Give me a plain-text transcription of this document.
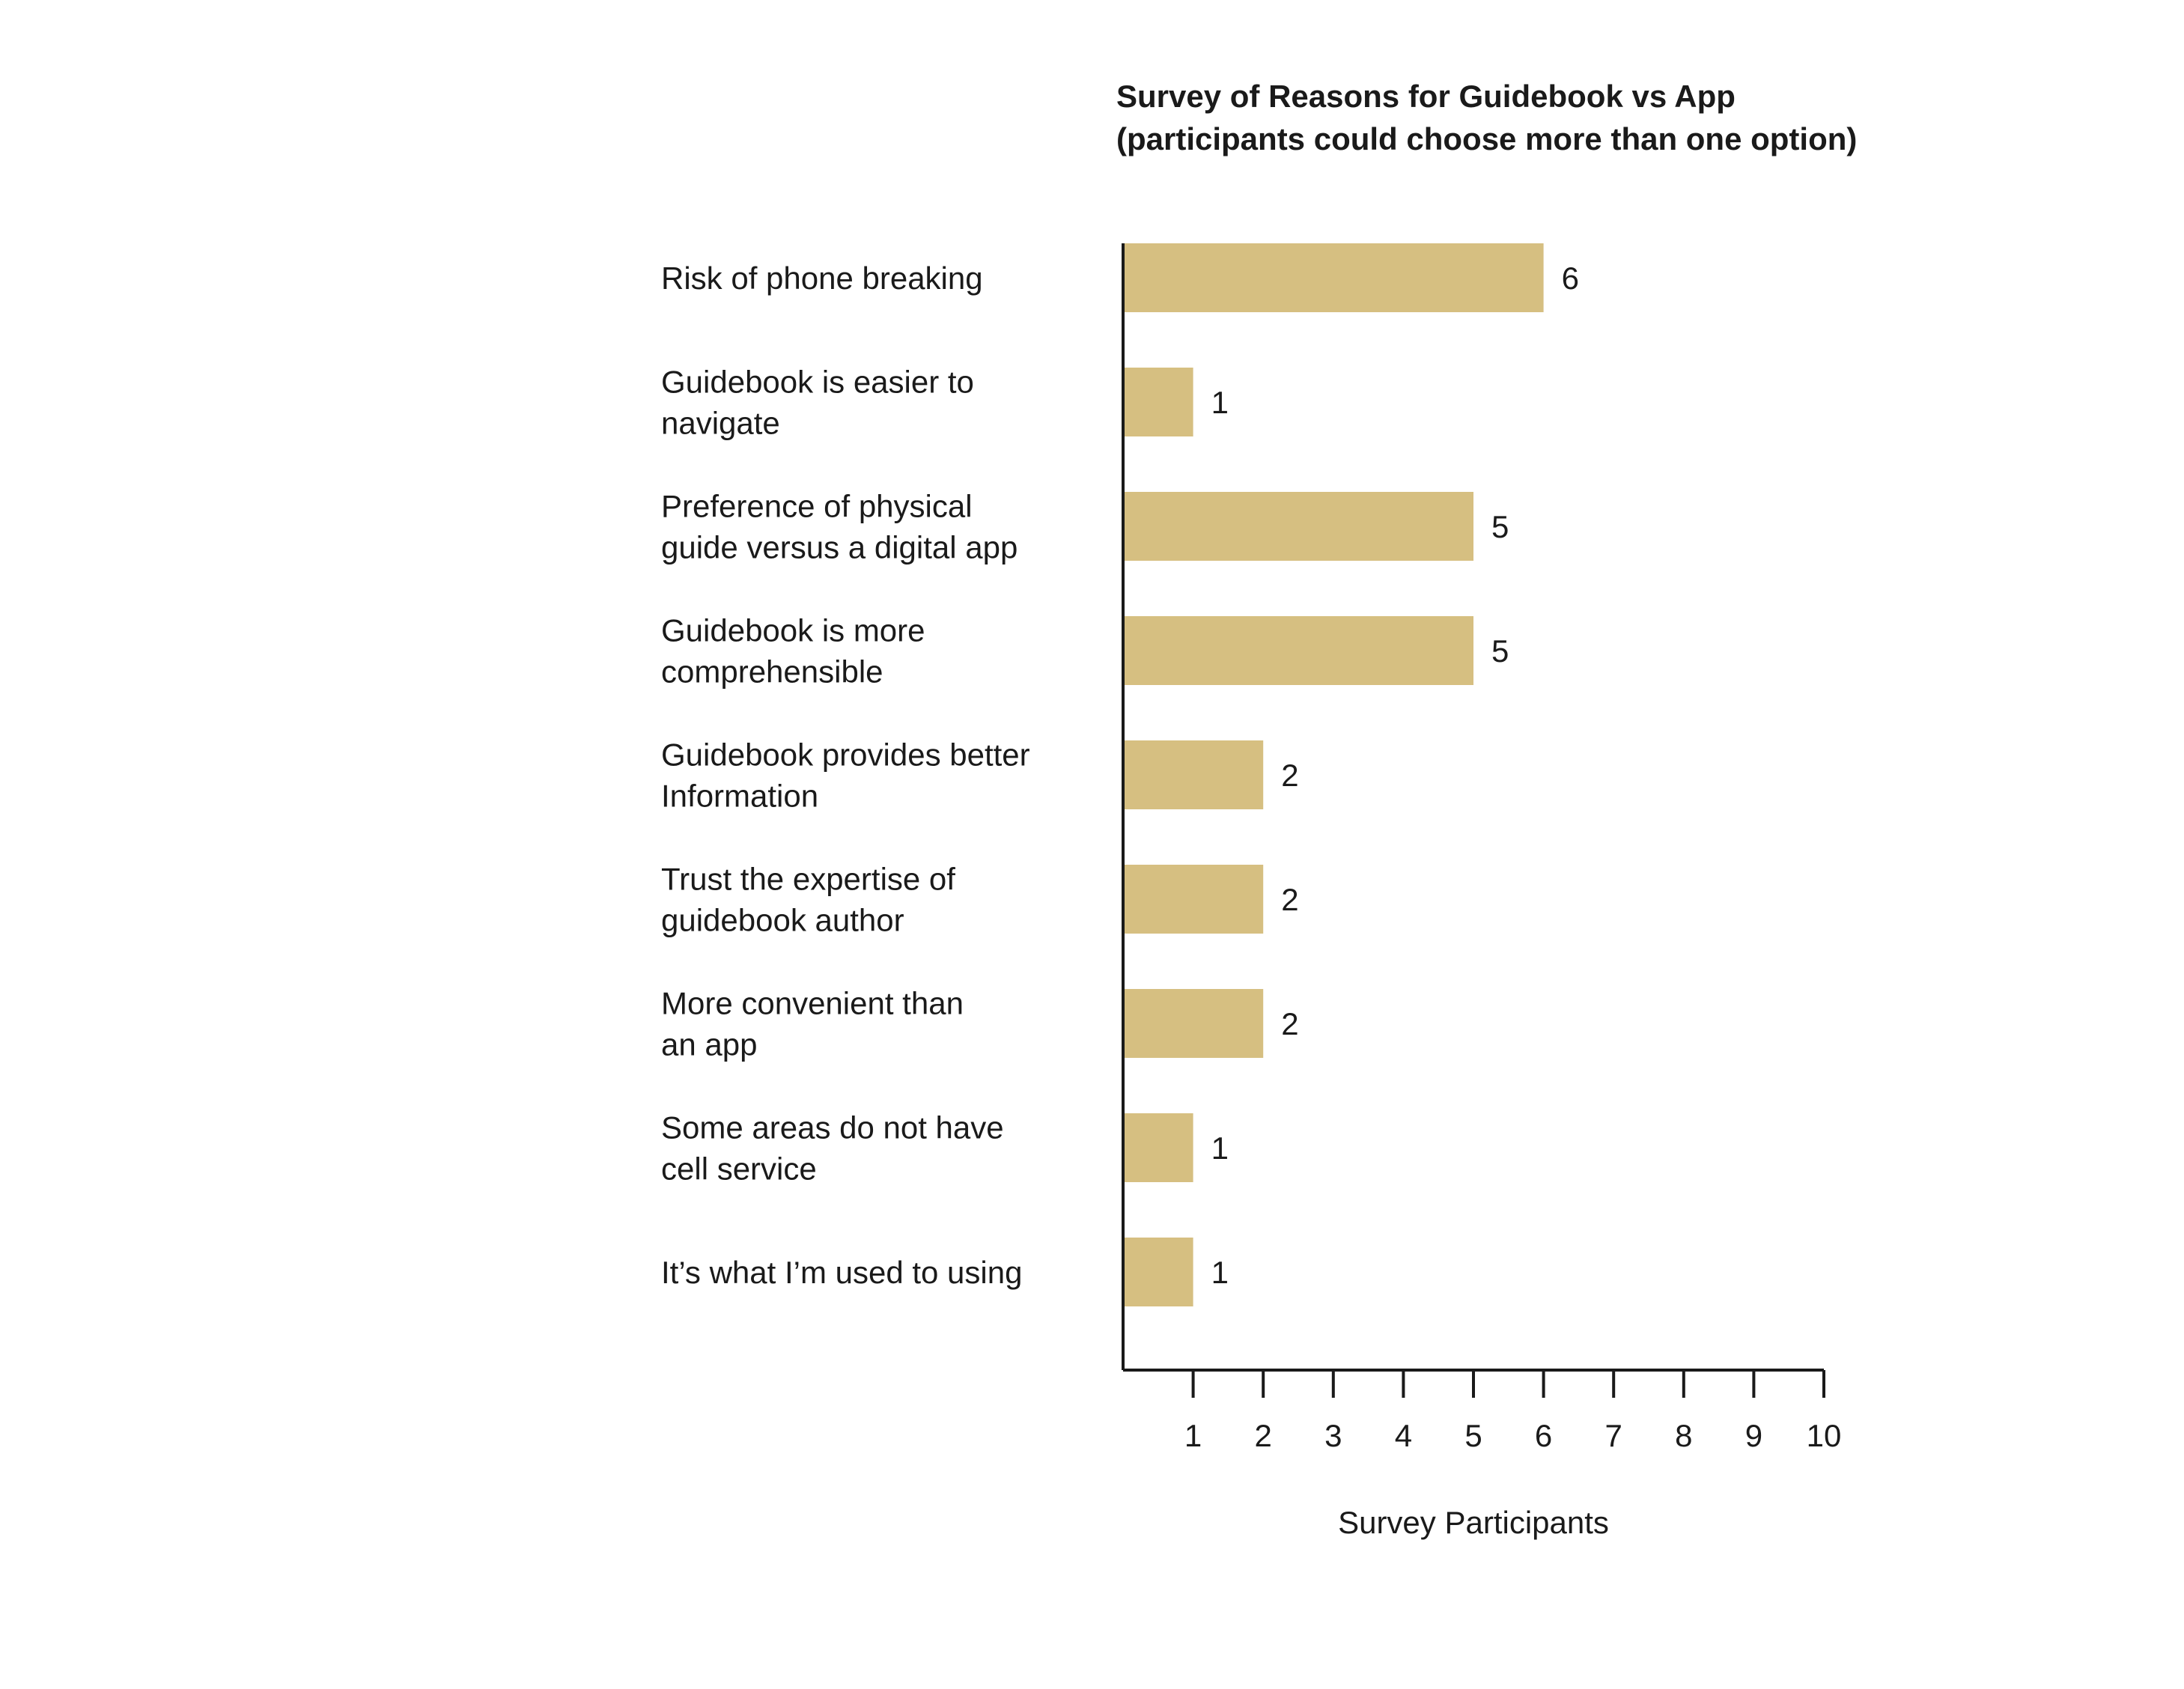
Survey of Reasons for Guidebook vs App
(participants could choose more than one option)
Risk of phone breaking
Guidebook is easier to navigate
Preference of physical guide versus a digital app
Guidebook is more comprehensible
Guidebook provides better Information
Trust the expertise of guidebook author
More convenient than an app
Some areas do not have cell service
It’s what I’m used to using
6
1
5
5
2
2
2
1
1
1 2 3 4 5 6 7 8 9 10
Survey Participants
